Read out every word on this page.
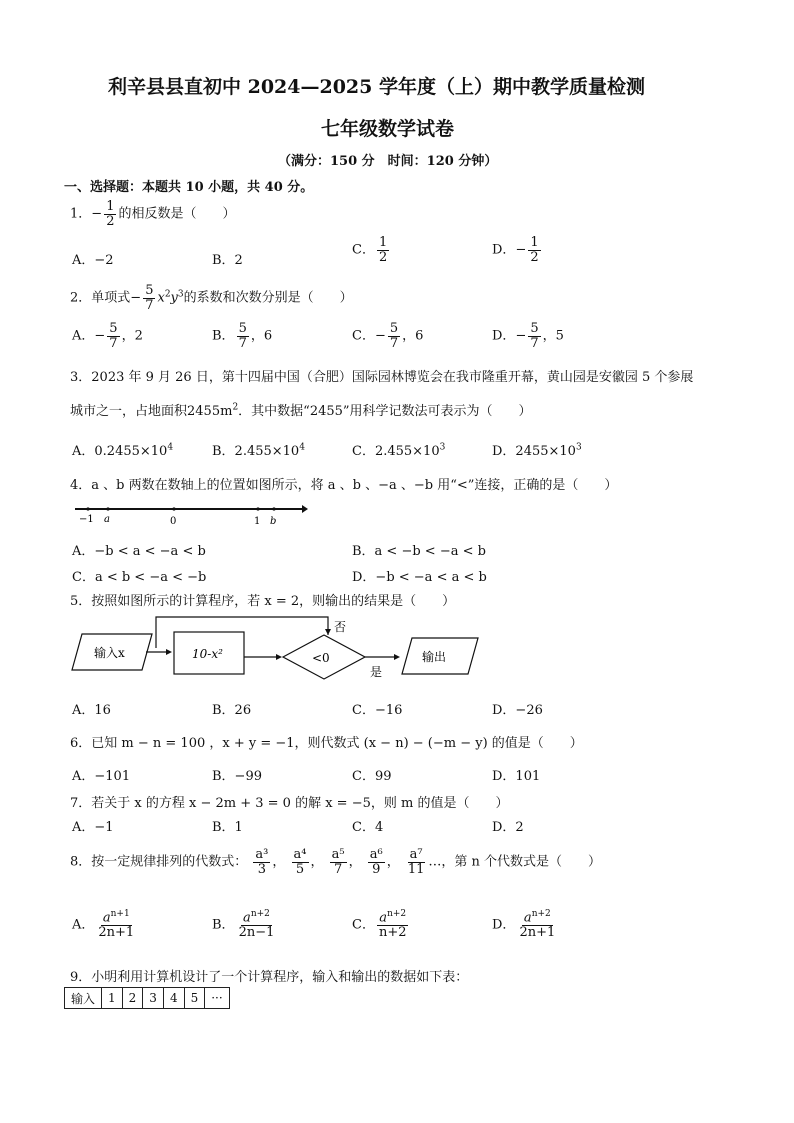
利辛县县直初中 2024—2025 学年度（上）期中教学质量检测
七年级数学试卷
（满分：150 分　时间：120 分钟）
一、选择题：本题共 10 小题，共 40 分。
1．− $\frac{1}{2}$ 的相反数是（　　）
A．−2	B．2
C． $\frac{1}{2}$	D．− $\frac{1}{2}$
2．单项式− $\frac{5}{7} x^2y^3$的系数和次数分别是（　　）
A．− $\frac{5}{7}$ ，2	B． $\frac{5}{7}$ ，6	C．− $\frac{5}{7}$ ，6	D．− $\frac{5}{7}$ ，5
3．2023 年 9 月 26 日，第十四届中国（合肥）国际园林博览会在我市隆重开幕，黄山园是安徽园 5 个参展
城市之一，占地面积$2455m^2$．其中数据“2455”用科学记数法可表示为（　　）
A．$0.2455\times 10^4$	B．$2.455\times 10^4$	C．$2.455\times 10^3$	D．$2455\times 10^3$
4．a 、b 两数在数轴上的位置如图所示，将 a 、b 、−a 、−b 用“<”连接，正确的是（　　）
−1 a	0	1 b
A．−b < a < −a < b	B．a < −b < −a < b
C．a < b < −a < −b	D．−b < −a < a < b
5．按照如图所示的计算程序，若 x = 2，则输出的结果是（　　）
输入x	10-x²	<0
否
是
输出
A．16	B．26	C．−16	D．−26
6．已知 m − n = 100 ，x + y = −1，则代数式 (x − n) − (−m − y) 的值是（　　）
A．−101	B．−99	C．99	D．101
7．若关于 x 的方程 x − 2m + 3 = 0 的解 x = −5，则 m 的值是（　　）
A．−1	B．1	C．4	D．2
8．按一定规律排列的代数式： $\frac{\text{a³}}{3}$ ， $\frac{\text{a⁴}}{5}$ ， $\frac{\text{a⁵}}{7}$ ， $\frac{\text{a⁶}}{9}$ ， $\frac{\text{a⁷}}{11}$ …，第 n 个代数式是（　　）
A． $\frac{a^{n+1}}{2n+1}$	B． $\frac{a^{n+2}}{2n-1}$	C． $\frac{a^{n+2}}{n+2}$	D． $\frac{a^{n+2}}{2n+1}$
9．小明利用计算机设计了一个计算程序，输入和输出的数据如下表：
输入	1	2	3	4	5	···
